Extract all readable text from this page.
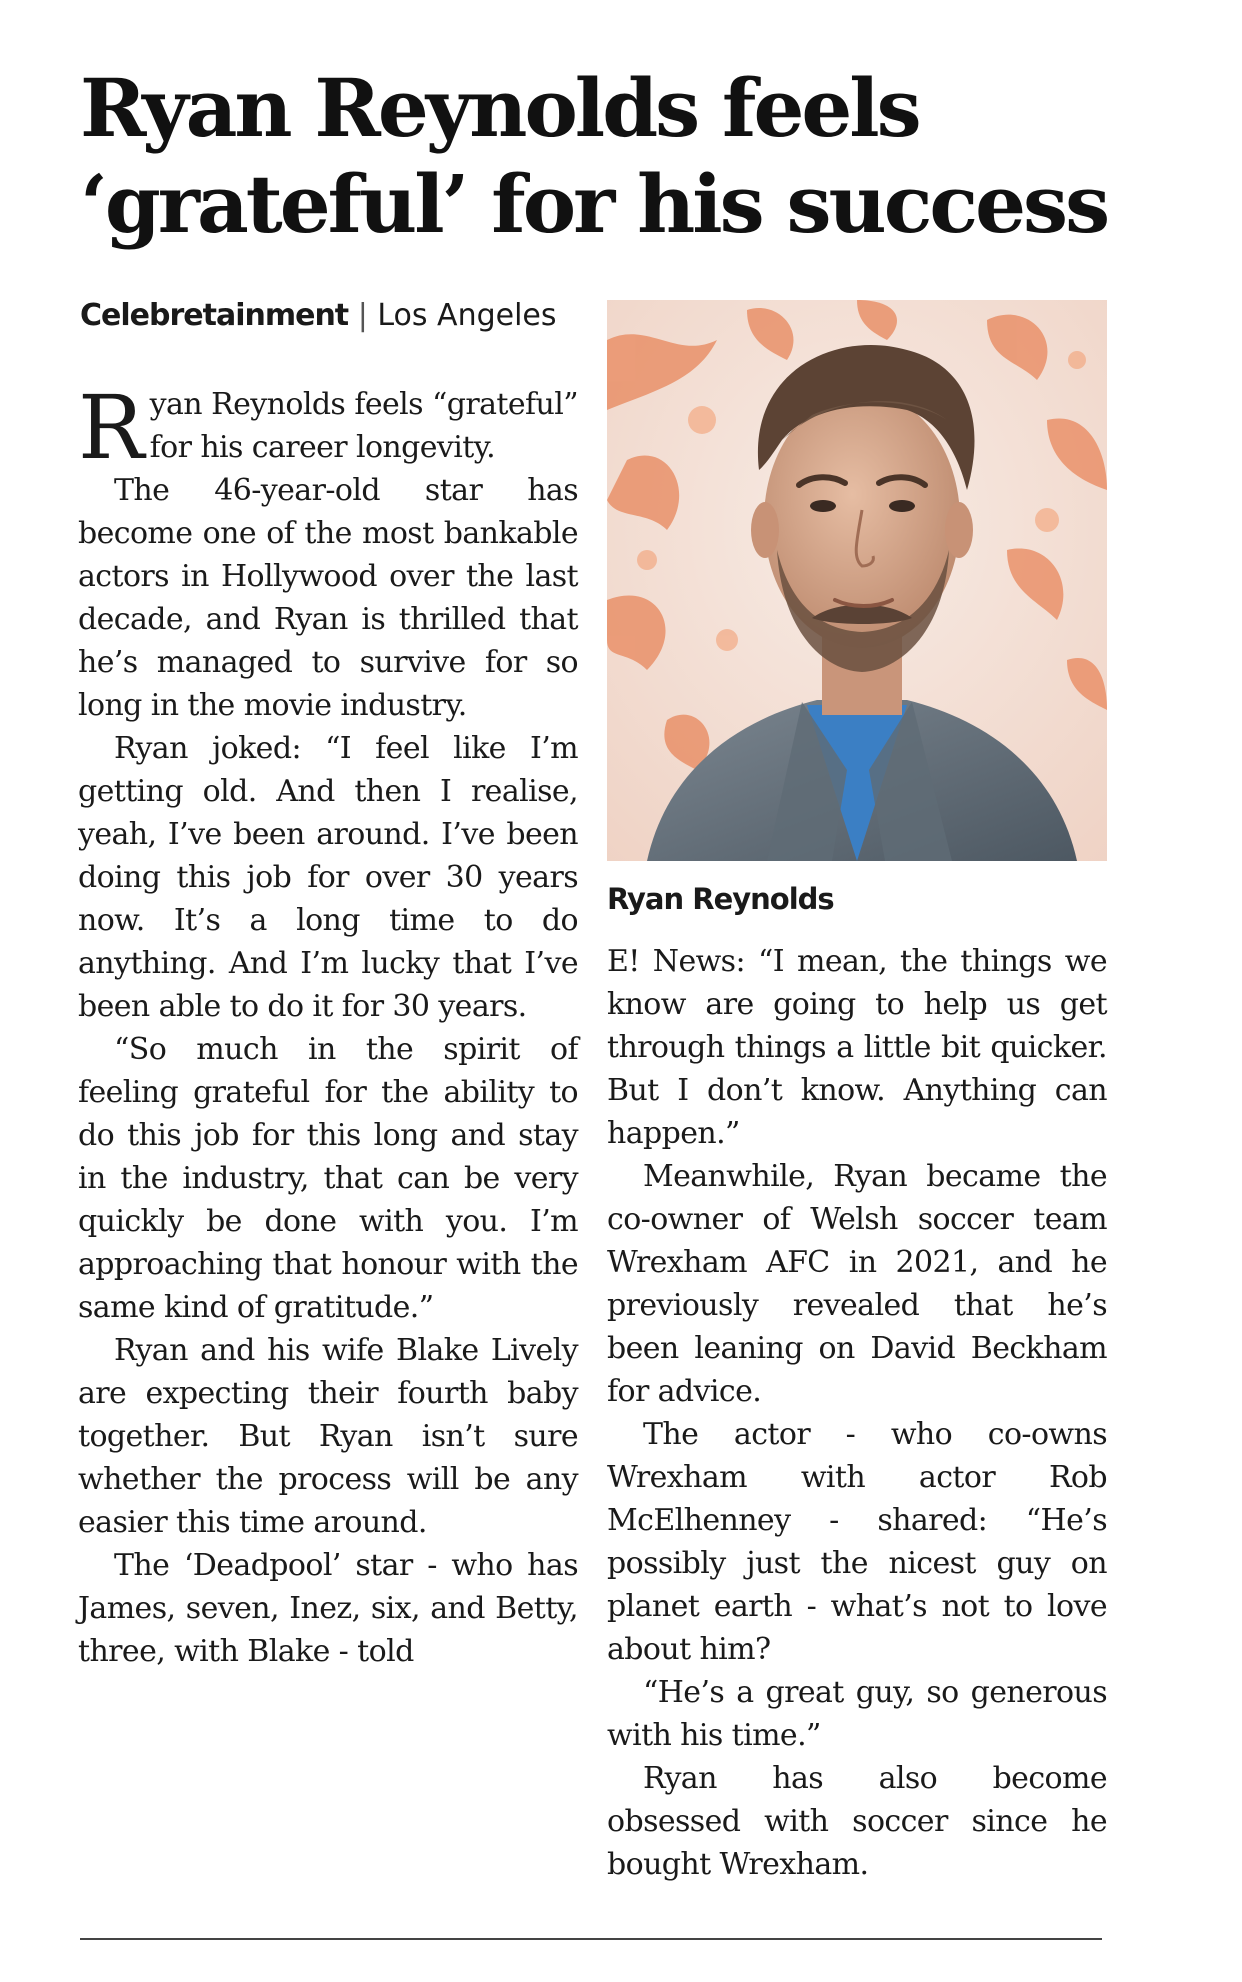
Ryan Reynolds feels
‘grateful’ for his success
Celebretainment | Los Angeles
Ryan Reynolds

Ryan Reynolds feels “grateful” for his career longevity.

The 46-year-old star has become one of the most bankable actors in Hollywood over the last decade, and Ryan is thrilled that he’s managed to survive for so long in the movie industry.

Ryan joked: “I feel like I’m getting old. And then I realise, yeah, I’ve been around. I’ve been doing this job for over 30 years now. It’s a long time to do anything. And I’m lucky that I’ve been able to do it for 30 years.

“So much in the spirit of feeling grateful for the ability to do this job for this long and stay in the industry, that can be very quickly be done with you. I’m approaching that honour with the same kind of gratitude.”

Ryan and his wife Blake Lively are expecting their fourth baby together. But Ryan isn’t sure whether the process will be any easier this time around.

The ‘Deadpool’ star - who has James, seven, Inez, six, and Betty, three, with Blake - told

E! News: “I mean, the things we know are going to help us get through things a little bit quicker. But I don’t know. Anything can happen.”

Meanwhile, Ryan became the co-owner of Welsh soccer team Wrexham AFC in 2021, and he previously revealed that he’s been leaning on David Beckham for advice.

The actor - who co-owns Wrexham with actor Rob McElhenney - shared: “He’s possibly just the nicest guy on planet earth - what’s not to love about him?

“He’s a great guy, so generous with his time.”

Ryan has also become obsessed with soccer since he bought Wrexham.
